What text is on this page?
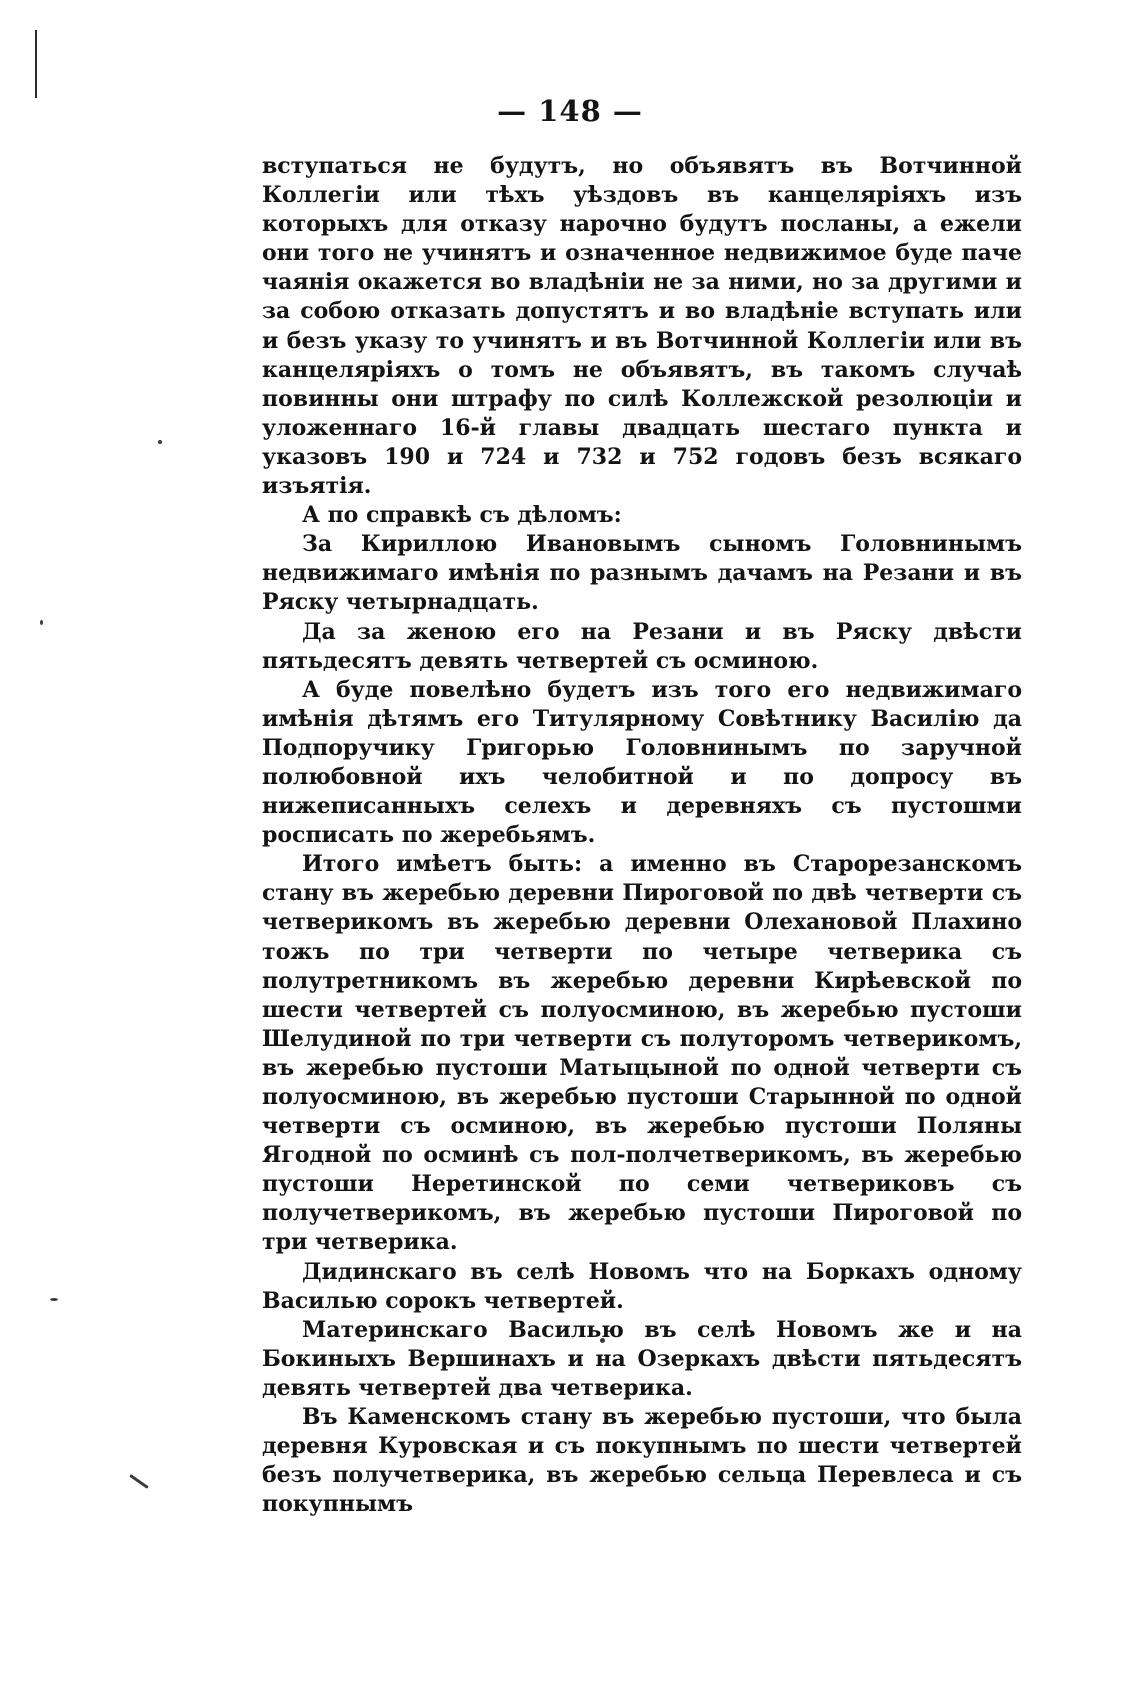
— 148 —

вступаться не будутъ, но объявятъ въ Вотчинной Коллегiи или тѣхъ уѣздовъ въ канцеляріяхъ изъ которыхъ для отказу нарочно будутъ посланы, а ежели они того не учинятъ и означенное недвижимое буде паче чаянія окажется во владѣніи не за ними, но за другими и за собою отказать допустятъ и во владѣніе вступать или и безъ указу то учинятъ и въ Вотчинной Коллегiи или въ канцеляріяхъ о томъ не объявятъ, въ такомъ случаѣ повинны они штрафу по силѣ Коллежской резолюціи и уложеннаго 16-й главы двадцать шестаго пункта и указовъ 190 и 724 и 732 и 752 годовъ безъ всякаго изъятія.

А по справкѣ съ дѣломъ:

За Кириллою Ивановымъ сыномъ Головнинымъ недвижимаго имѣнія по разнымъ дачамъ на Резани и въ Ряску четырнадцать.

Да за женою его на Резани и въ Ряску двѣсти пятьдесятъ девять четвертей съ осминою.

А буде повелѣно будетъ изъ того его недвижимаго имѣнія дѣтямъ его Титулярному Совѣтнику Василію да Подпоручику Григорью Головнинымъ по заручной полюбовной ихъ челобитной и по допросу въ нижеписанныхъ селехъ и деревняхъ съ пустошми росписать по жеребьямъ.

Итого имѣетъ быть: а именно въ Старорезанскомъ стану въ жеребью деревни Пироговой по двѣ четверти съ четверикомъ въ жеребью деревни Олехановой Плахино тожъ по три четверти по четыре четверика съ полутретникомъ въ жеребью деревни Кирѣевской по шести четвертей съ полуосминою, въ жеребью пустоши Шелудиной по три четверти съ полуторомъ четверикомъ, въ жеребью пустоши Матыцыной по одной четверти съ полуосминою, въ жеребью пустоши Старынной по одной четверти съ осминою, въ жеребью пустоши Поляны Ягодной по осминѣ съ пол-полчетверикомъ, въ жеребью пустоши Неретинской по семи четвериковъ съ получетверикомъ, въ жеребью пустоши Пироговой по три четверика.

Дидинскаго въ селѣ Новомъ что на Боркахъ одному Василью сорокъ четвертей.

Материнскаго Василью въ селѣ Новомъ же и на Бокиныхъ Вершинахъ и на Озеркахъ двѣсти пятьдесятъ девять четвертей два четверика.

Въ Каменскомъ стану въ жеребью пустоши, что была деревня Куровская и съ покупнымъ по шести четвертей безъ получетверика, въ жеребью сельца Перевлеса и съ покупнымъ
